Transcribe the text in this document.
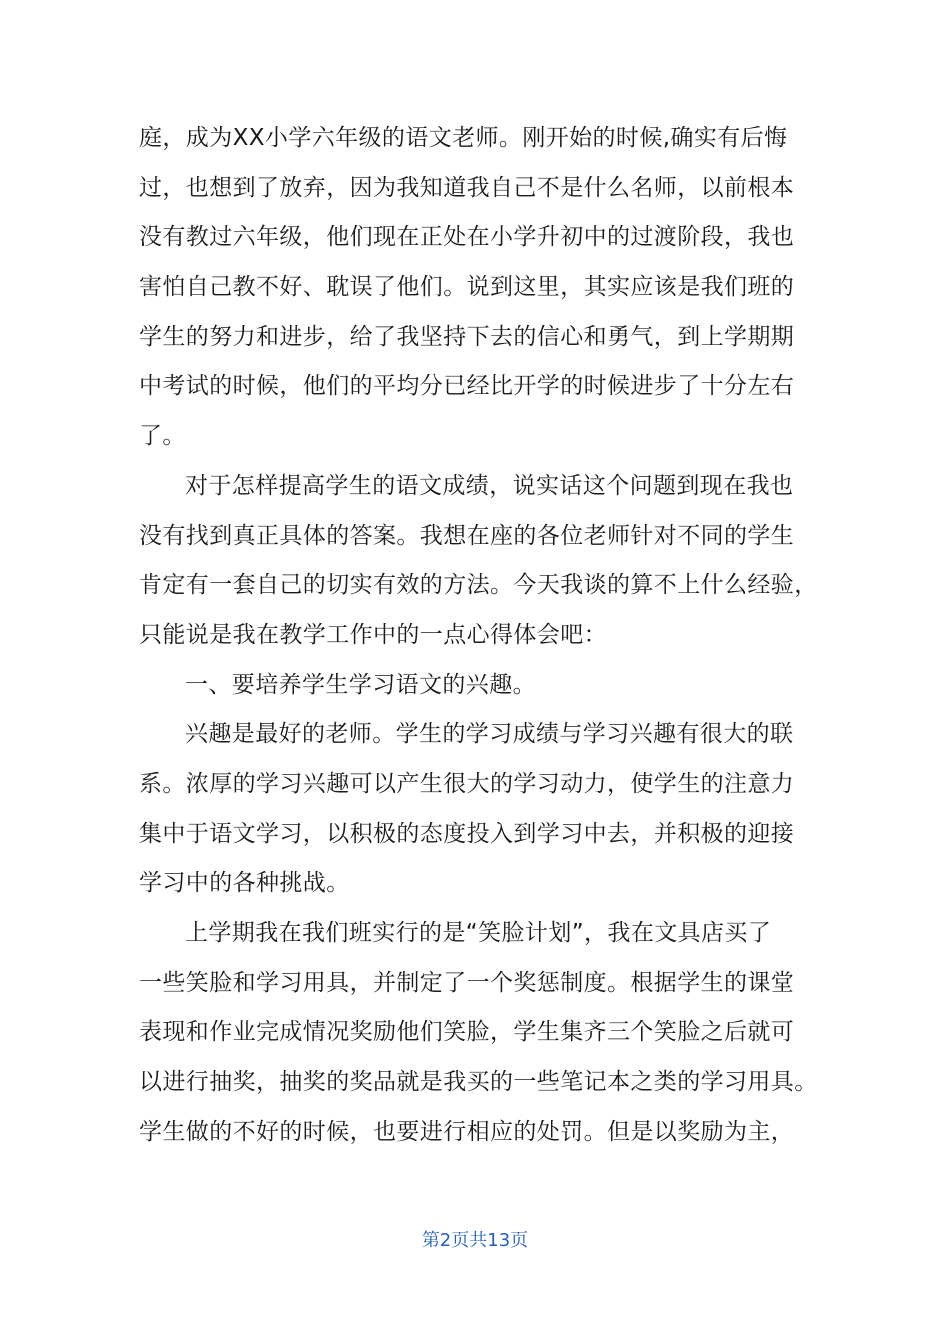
庭，成为XX小学六年级的语文老师。刚开始的时候,确实有后悔
过，也想到了放弃，因为我知道我自己不是什么名师，以前根本
没有教过六年级，他们现在正处在小学升初中的过渡阶段，我也
害怕自己教不好、耽误了他们。说到这里，其实应该是我们班的
学生的努力和进步，给了我坚持下去的信心和勇气，到上学期期
中考试的时候，他们的平均分已经比开学的时候进步了十分左右
了。
对于怎样提高学生的语文成绩，说实话这个问题到现在我也
没有找到真正具体的答案。我想在座的各位老师针对不同的学生
肯定有一套自己的切实有效的方法。今天我谈的算不上什么经验，
只能说是我在教学工作中的一点心得体会吧：
一、要培养学生学习语文的兴趣。
兴趣是最好的老师。学生的学习成绩与学习兴趣有很大的联
系。浓厚的学习兴趣可以产生很大的学习动力，使学生的注意力
集中于语文学习，以积极的态度投入到学习中去，并积极的迎接
学习中的各种挑战。
上学期我在我们班实行的是“笑脸计划”，我在文具店买了
一些笑脸和学习用具，并制定了一个奖惩制度。根据学生的课堂
表现和作业完成情况奖励他们笑脸，学生集齐三个笑脸之后就可
以进行抽奖，抽奖的奖品就是我买的一些笔记本之类的学习用具。
学生做的不好的时候，也要进行相应的处罚。但是以奖励为主，
第2页共13页
